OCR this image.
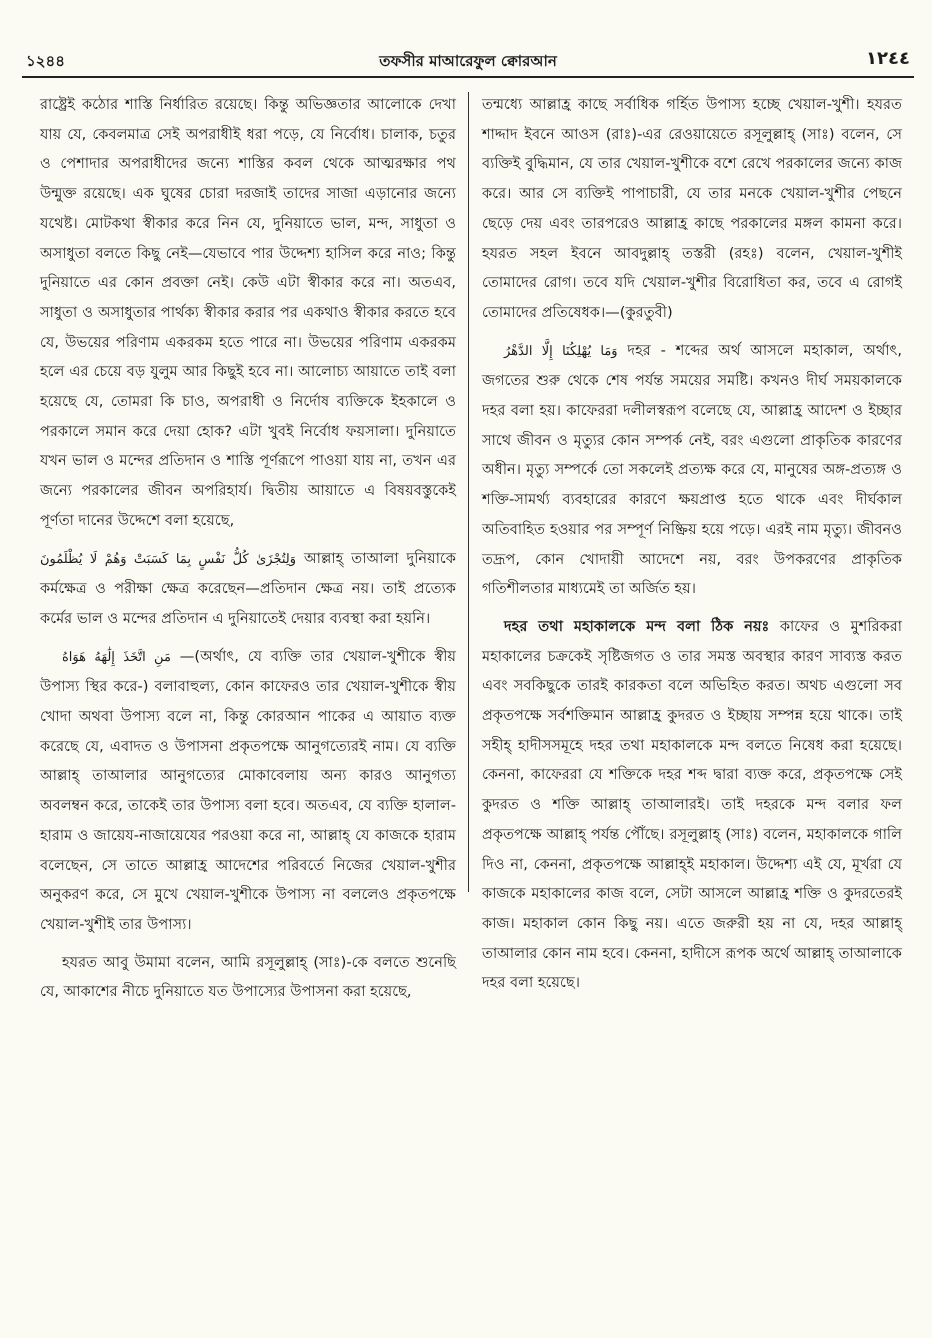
১২৪৪	তফসীর মাআরেফুল ক্বোরআন	١٢٤٤

রাষ্ট্রেই কঠোর শাস্তি নির্ধারিত রয়েছে। কিন্তু অভিজ্ঞতার আলোকে দেখা যায় যে, কেবলমাত্র সেই অপরাধীই ধরা পড়ে, যে নির্বোধ। চালাক, চতুর ও পেশাদার অপরাধীদের জন্যে শাস্তির কবল থেকে আত্মরক্ষার পথ উন্মুক্ত রয়েছে। এক ঘুষের চোরা দরজাই তাদের সাজা এড়ানোর জন্যে যথেষ্ট। মোটকথা স্বীকার করে নিন যে, দুনিয়াতে ভাল, মন্দ, সাধুতা ও অসাধুতা বলতে কিছু নেই—যেভাবে পার উদ্দেশ্য হাসিল করে নাও; কিন্তু দুনিয়াতে এর কোন প্রবক্তা নেই। কেউ এটা স্বীকার করে না। অতএব, সাধুতা ও অসাধুতার পার্থক্য স্বীকার করার পর একথাও স্বীকার করতে হবে যে, উভয়ের পরিণাম একরকম হতে পারে না। উভয়ের পরিণাম একরকম হলে এর চেয়ে বড় যুলুম আর কিছুই হবে না। আলোচ্য আয়াতে তাই বলা হয়েছে যে, তোমরা কি চাও, অপরাধী ও নির্দোষ ব্যক্তিকে ইহকালে ও পরকালে সমান করে দেয়া হোক? এটা খুবই নির্বোধ ফয়সালা। দুনিয়াতে যখন ভাল ও মন্দের প্রতিদান ও শাস্তি পূর্ণরূপে পাওয়া যায় না, তখন এর জন্যে পরকালের জীবন অপরিহার্য। দ্বিতীয় আয়াতে এ বিষয়বস্তুকেই পূর্ণতা দানের উদ্দেশে বলা হয়েছে,

وَلِتُجْزَىٰ كُلُّ نَفْسٍ بِمَا كَسَبَتْ وَهُمْ لَا يُظْلَمُونَ আল্লাহ্ তাআলা দুনিয়াকে কর্মক্ষেত্র ও পরীক্ষা ক্ষেত্র করেছেন—প্রতিদান ক্ষেত্র নয়। তাই প্রত্যেক কর্মের ভাল ও মন্দের প্রতিদান এ দুনিয়াতেই দেয়ার ব্যবস্থা করা হয়নি।

مَنِ اتَّخَذَ إِلَٰهَهُ هَوَاهُ —(অর্থাৎ, যে ব্যক্তি তার খেয়াল-খুশীকে স্বীয় উপাস্য স্থির করে-) বলাবাহুল্য, কোন কাফেরও তার খেয়াল-খুশীকে স্বীয় খোদা অথবা উপাস্য বলে না, কিন্তু কোরআন পাকের এ আয়াত ব্যক্ত করেছে যে, এবাদত ও উপাসনা প্রকৃতপক্ষে আনুগত্যেরই নাম। যে ব্যক্তি আল্লাহ্ তাআলার আনুগত্যের মোকাবেলায় অন্য কারও আনুগত্য অবলম্বন করে, তাকেই তার উপাস্য বলা হবে। অতএব, যে ব্যক্তি হালাল-হারাম ও জায়েয-নাজায়েযের পরওয়া করে না, আল্লাহ্ যে কাজকে হারাম বলেছেন, সে তাতে আল্লাহ্র আদেশের পরিবর্তে নিজের খেয়াল-খুশীর অনুকরণ করে, সে মুখে খেয়াল-খুশীকে উপাস্য না বললেও প্রকৃতপক্ষে খেয়াল-খুশীই তার উপাস্য।

হযরত আবু উমামা বলেন, আমি রসূলুল্লাহ্ (সাঃ)-কে বলতে শুনেছি যে, আকাশের নীচে দুনিয়াতে যত উপাস্যের উপাসনা করা হয়েছে,

তন্মধ্যে আল্লাহ্র কাছে সর্বাধিক গর্হিত উপাস্য হচ্ছে খেয়াল-খুশী। হযরত শাদ্দাদ ইবনে আওস (রাঃ)-এর রেওয়ায়েতে রসূলুল্লাহ্ (সাঃ) বলেন, সে ব্যক্তিই বুদ্ধিমান, যে তার খেয়াল-খুশীকে বশে রেখে পরকালের জন্যে কাজ করে। আর সে ব্যক্তিই পাপাচারী, যে তার মনকে খেয়াল-খুশীর পেছনে ছেড়ে দেয় এবং তারপরেও আল্লাহ্র কাছে পরকালের মঙ্গল কামনা করে। হযরত সহল ইবনে আবদুল্লাহ্ তস্তরী (রহঃ) বলেন, খেয়াল-খুশীই তোমাদের রোগ। তবে যদি খেয়াল-খুশীর বিরোধিতা কর, তবে এ রোগই তোমাদের প্রতিষেধক।—(কুরতুবী)

وَمَا يُهْلِكُنَا إِلَّا الدَّهْرُ দহর - শব্দের অর্থ আসলে মহাকাল, অর্থাৎ, জগতের শুরু থেকে শেষ পর্যন্ত সময়ের সমষ্টি। কখনও দীর্ঘ সময়কালকে দহর বলা হয়। কাফেররা দলীলস্বরূপ বলেছে যে, আল্লাহ্র আদেশ ও ইচ্ছার সাথে জীবন ও মৃত্যুর কোন সম্পর্ক নেই, বরং এগুলো প্রাকৃতিক কারণের অধীন। মৃত্যু সম্পর্কে তো সকলেই প্রত্যক্ষ করে যে, মানুষের অঙ্গ-প্রত্যঙ্গ ও শক্তি-সামর্থ্য ব্যবহারের কারণে ক্ষয়প্রাপ্ত হতে থাকে এবং দীর্ঘকাল অতিবাহিত হওয়ার পর সম্পূর্ণ নিষ্ক্রিয় হয়ে পড়ে। এরই নাম মৃত্যু। জীবনও তদ্রূপ, কোন খোদায়ী আদেশে নয়, বরং উপকরণের প্রাকৃতিক গতিশীলতার মাধ্যমেই তা অর্জিত হয়।

দহর তথা মহাকালকে মন্দ বলা ঠিক নয়ঃ কাফের ও মুশরিকরা মহাকালের চক্রকেই সৃষ্টিজগত ও তার সমস্ত অবস্থার কারণ সাব্যস্ত করত এবং সবকিছুকে তারই কারকতা বলে অভিহিত করত। অথচ এগুলো সব প্রকৃতপক্ষে সর্বশক্তিমান আল্লাহ্র কুদরত ও ইচ্ছায় সম্পন্ন হয়ে থাকে। তাই সহীহ্ হাদীসসমূহে দহর তথা মহাকালকে মন্দ বলতে নিষেধ করা হয়েছে। কেননা, কাফেররা যে শক্তিকে দহর শব্দ দ্বারা ব্যক্ত করে, প্রকৃতপক্ষে সেই কুদরত ও শক্তি আল্লাহ্ তাআলারই। তাই দহরকে মন্দ বলার ফল প্রকৃতপক্ষে আল্লাহ্ পর্যন্ত পৌঁছে। রসূলুল্লাহ্ (সাঃ) বলেন, মহাকালকে গালি দিও না, কেননা, প্রকৃতপক্ষে আল্লাহ্ই মহাকাল। উদ্দেশ্য এই যে, মূর্খরা যে কাজকে মহাকালের কাজ বলে, সেটা আসলে আল্লাহ্র শক্তি ও কুদরতেরই কাজ। মহাকাল কোন কিছু নয়। এতে জরুরী হয় না যে, দহর আল্লাহ্ তাআলার কোন নাম হবে। কেননা, হাদীসে রূপক অর্থে আল্লাহ্ তাআলাকে দহর বলা হয়েছে।
